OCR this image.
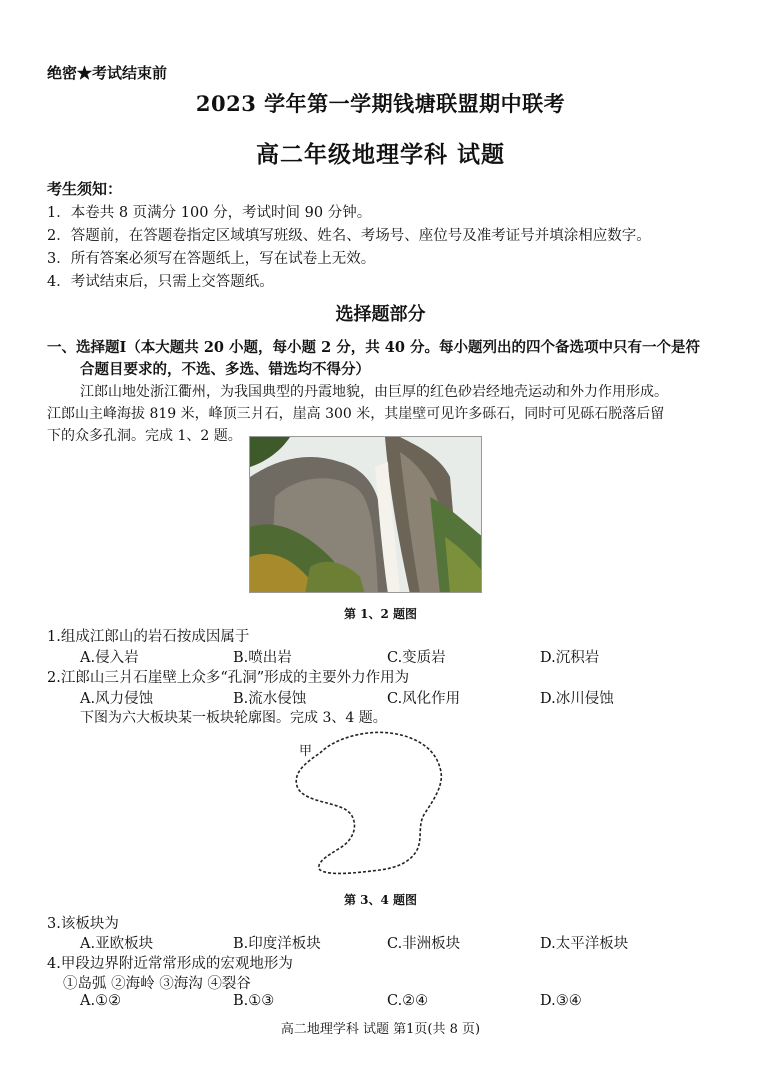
绝密★考试结束前
2023 学年第一学期钱塘联盟期中联考
高二年级地理学科 试题
考生须知：
1．本卷共 8 页满分 100 分，考试时间 90 分钟。
2．答题前，在答题卷指定区域填写班级、姓名、考场号、座位号及准考证号并填涂相应数字。
3．所有答案必须写在答题纸上，写在试卷上无效。
4．考试结束后，只需上交答题纸。
选择题部分
一、选择题Ⅰ（本大题共 20 小题，每小题 2 分，共 40 分。每小题列出的四个备选项中只有一个是符
合题目要求的，不选、多选、错选均不得分）
江郎山地处浙江衢州，为我国典型的丹霞地貌，由巨厚的红色砂岩经地壳运动和外力作用形成。
江郎山主峰海拔 819 米，峰顶三爿石，崖高 300 米，其崖壁可见许多砾石，同时可见砾石脱落后留
下的众多孔洞。完成 1、2 题。
第 1、2 题图
1.组成江郎山的岩石按成因属于
A.侵入岩	B.喷出岩	C.变质岩	D.沉积岩
2.江郎山三爿石崖壁上众多“孔洞”形成的主要外力作用为
A.风力侵蚀	B.流水侵蚀	C.风化作用	D.冰川侵蚀
下图为六大板块某一板块轮廓图。完成 3、4 题。
甲
第 3、4 题图
3.该板块为
A.亚欧板块	B.印度洋板块	C.非洲板块	D.太平洋板块
4.甲段边界附近常常形成的宏观地形为
①岛弧 ②海岭 ③海沟 ④裂谷
A.①②	B.①③	C.②④	D.③④
高二地理学科 试题 第1页(共 8 页)
